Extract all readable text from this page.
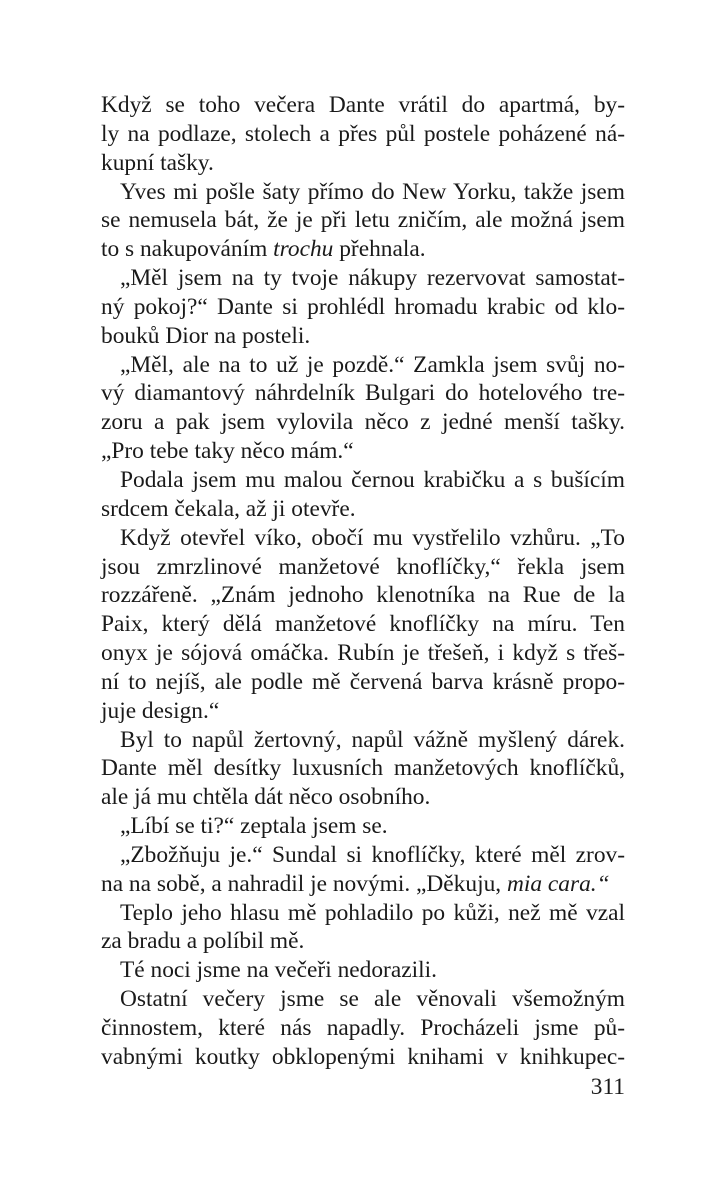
Když se toho večera Dante vrátil do apartmá, by-
ly na podlaze, stolech a přes půl postele poházené ná-
kupní tašky.
Yves mi pošle šaty přímo do New Yorku, takže jsem
se nemusela bát, že je při letu zničím, ale možná jsem
to s nakupováním trochu přehnala.
„Měl jsem na ty tvoje nákupy rezervovat samostat-
ný pokoj?“ Dante si prohlédl hromadu krabic od klo-
bouků Dior na posteli.
„Měl, ale na to už je pozdě.“ Zamkla jsem svůj no-
vý diamantový náhrdelník Bulgari do hotelového tre-
zoru a pak jsem vylovila něco z jedné menší tašky.
„Pro tebe taky něco mám.“
Podala jsem mu malou černou krabičku a s bušícím
srdcem čekala, až ji otevře.
Když otevřel víko, obočí mu vystřelilo vzhůru. „To
jsou zmrzlinové manžetové knoflíčky,“ řekla jsem
rozzářeně. „Znám jednoho klenotníka na Rue de la
Paix, který dělá manžetové knoflíčky na míru. Ten
onyx je sójová omáčka. Rubín je třešeň, i když s třeš-
ní to nejíš, ale podle mě červená barva krásně propo-
juje design.“
Byl to napůl žertovný, napůl vážně myšlený dárek.
Dante měl desítky luxusních manžetových knoflíčků,
ale já mu chtěla dát něco osobního.
„Líbí se ti?“ zeptala jsem se.
„Zbožňuju je.“ Sundal si knoflíčky, které měl zrov-
na na sobě, a nahradil je novými. „Děkuju, mia cara.“
Teplo jeho hlasu mě pohladilo po kůži, než mě vzal
za bradu a políbil mě.
Té noci jsme na večeři nedorazili.
Ostatní večery jsme se ale věnovali všemožným
činnostem, které nás napadly. Procházeli jsme pů-
vabnými koutky obklopenými knihami v knihkupec-
311
